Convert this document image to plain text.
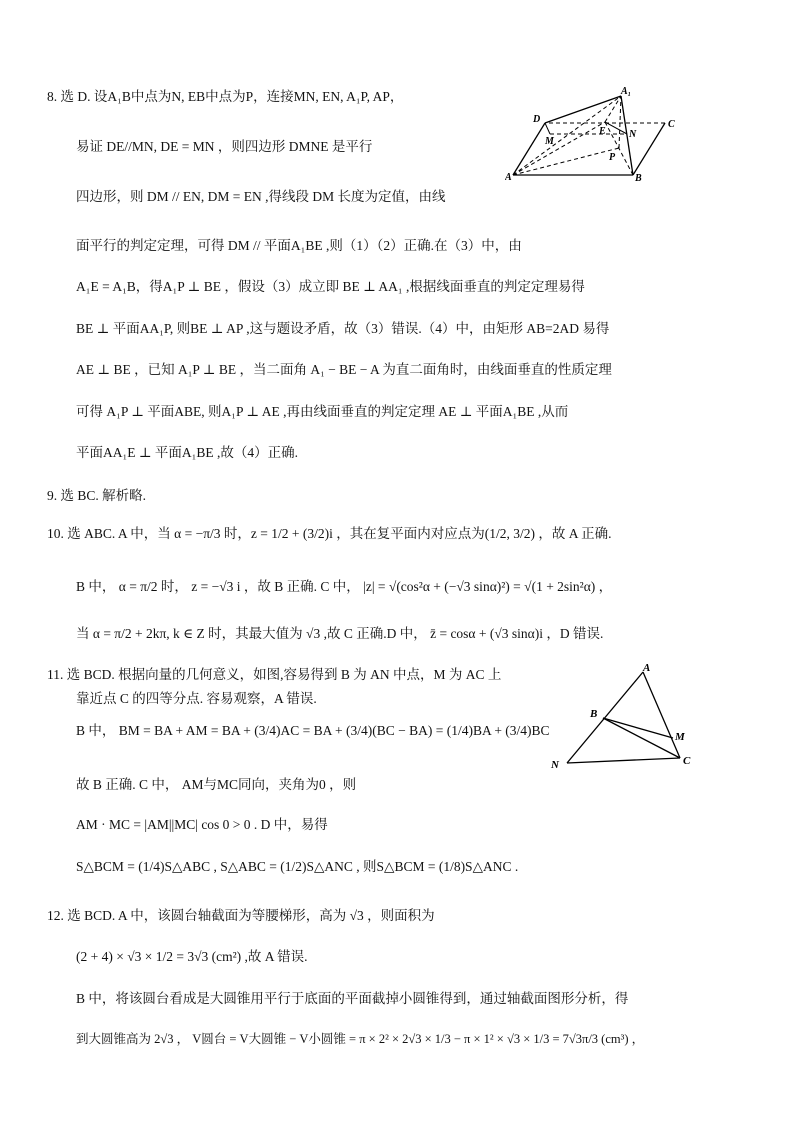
8. 选 D. 设A₁B中点为N, EB中点为P，连接MN, EN, A₁P, AP，
易证 DE//MN, DE = MN ，则四边形 DMNE 是平行
四边形，则 DM // EN, DM = EN ,得线段 DM 长度为定值，由线
面平行的判定定理，可得 DM // 平面A₁BE ,则（1）（2）正确.在（3）中，由
A₁E = A₁B，得A₁P ⊥ BE ，假设（3）成立即 BE ⊥ AA₁ ,根据线面垂直的判定定理易得
BE ⊥ 平面AA₁P, 则BE ⊥ AP ,这与题设矛盾，故（3）错误.（4）中，由矩形 AB=2AD 易得
AE ⊥ BE ，已知 A₁P ⊥ BE ，当二面角 A₁ − BE − A 为直二面角时，由线面垂直的性质定理
可得 A₁P ⊥ 平面ABE, 则A₁P ⊥ AE ,再由线面垂直的判定定理 AE ⊥ 平面A₁BE ,从而
平面AA₁E ⊥ 平面A₁BE ,故（4）正确.
A₁
D	C
M
E N
P
A	B
9. 选 BC. 解析略.
10. 选 ABC. A 中，当 α = −π/3 时，z = 1/2 + (3/2)i ，其在复平面内对应点为(1/2, 3/2) ，故 A 正确.
B 中， α = π/2 时， z = −√3 i ，故 B 正确. C 中， |z| = √(cos²α + (−√3 sinα)²) = √(1 + 2sin²α) ，
当 α = π/2 + 2kπ, k ∈ Z 时，其最大值为 √3 ,故 C 正确.D 中， z̄ = cosα + (√3 sinα)i ，D 错误.
11. 选 BCD. 根据向量的几何意义，如图,容易得到 B 为 AN 中点，M 为 AC 上
靠近点 C 的四等分点. 容易观察，A 错误.
B 中， BM = BA + AM = BA + (3/4)AC = BA + (3/4)(BC − BA) = (1/4)BA + (3/4)BC
故 B 正确. C 中， AM与MC同向，夹角为0 ，则
AM · MC = |AM||MC| cos 0 > 0 . D 中，易得
S△BCM = (1/4)S△ABC , S△ABC = (1/2)S△ANC , 则S△BCM = (1/8)S△ANC .
A
B
M
N	C
12. 选 BCD. A 中，该圆台轴截面为等腰梯形，高为 √3 ，则面积为
(2 + 4) × √3 × 1/2 = 3√3 (cm²) ,故 A 错误.
B 中，将该圆台看成是大圆锥用平行于底面的平面截掉小圆锥得到，通过轴截面图形分析，得
到大圆锥高为 2√3 ， V圆台 = V大圆锥 − V小圆锥 = π × 2² × 2√3 × 1/3 − π × 1² × √3 × 1/3 = 7√3π/3 (cm³) ，
